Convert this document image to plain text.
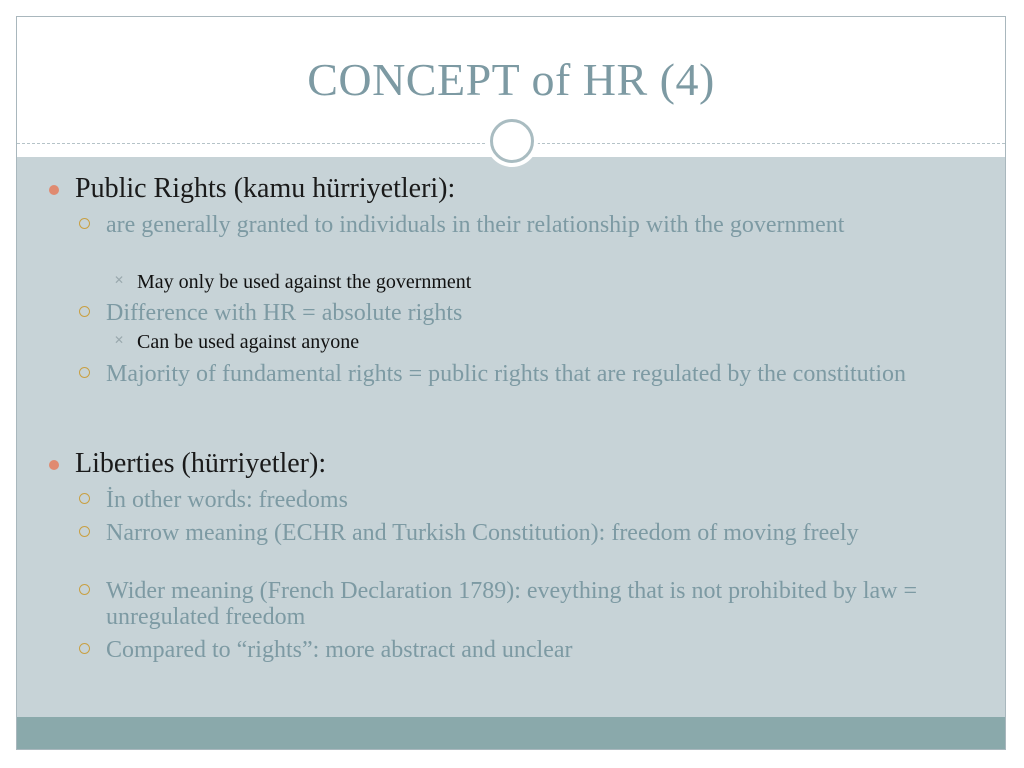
CONCEPT of HR (4)
Public Rights (kamu hürriyetleri):
are generally granted to individuals in their relationship with the government
✕ May only be used against the government
Difference with HR = absolute rights
✕ Can be used against anyone
Majority of fundamental rights = public rights that are regulated by the constitution
Liberties (hürriyetler):
İn other words: freedoms
Narrow meaning (ECHR and Turkish Constitution): freedom of moving freely
Wider meaning (French Declaration 1789): eveything that is not prohibited by law = unregulated freedom
Compared to “rights”: more abstract and unclear
